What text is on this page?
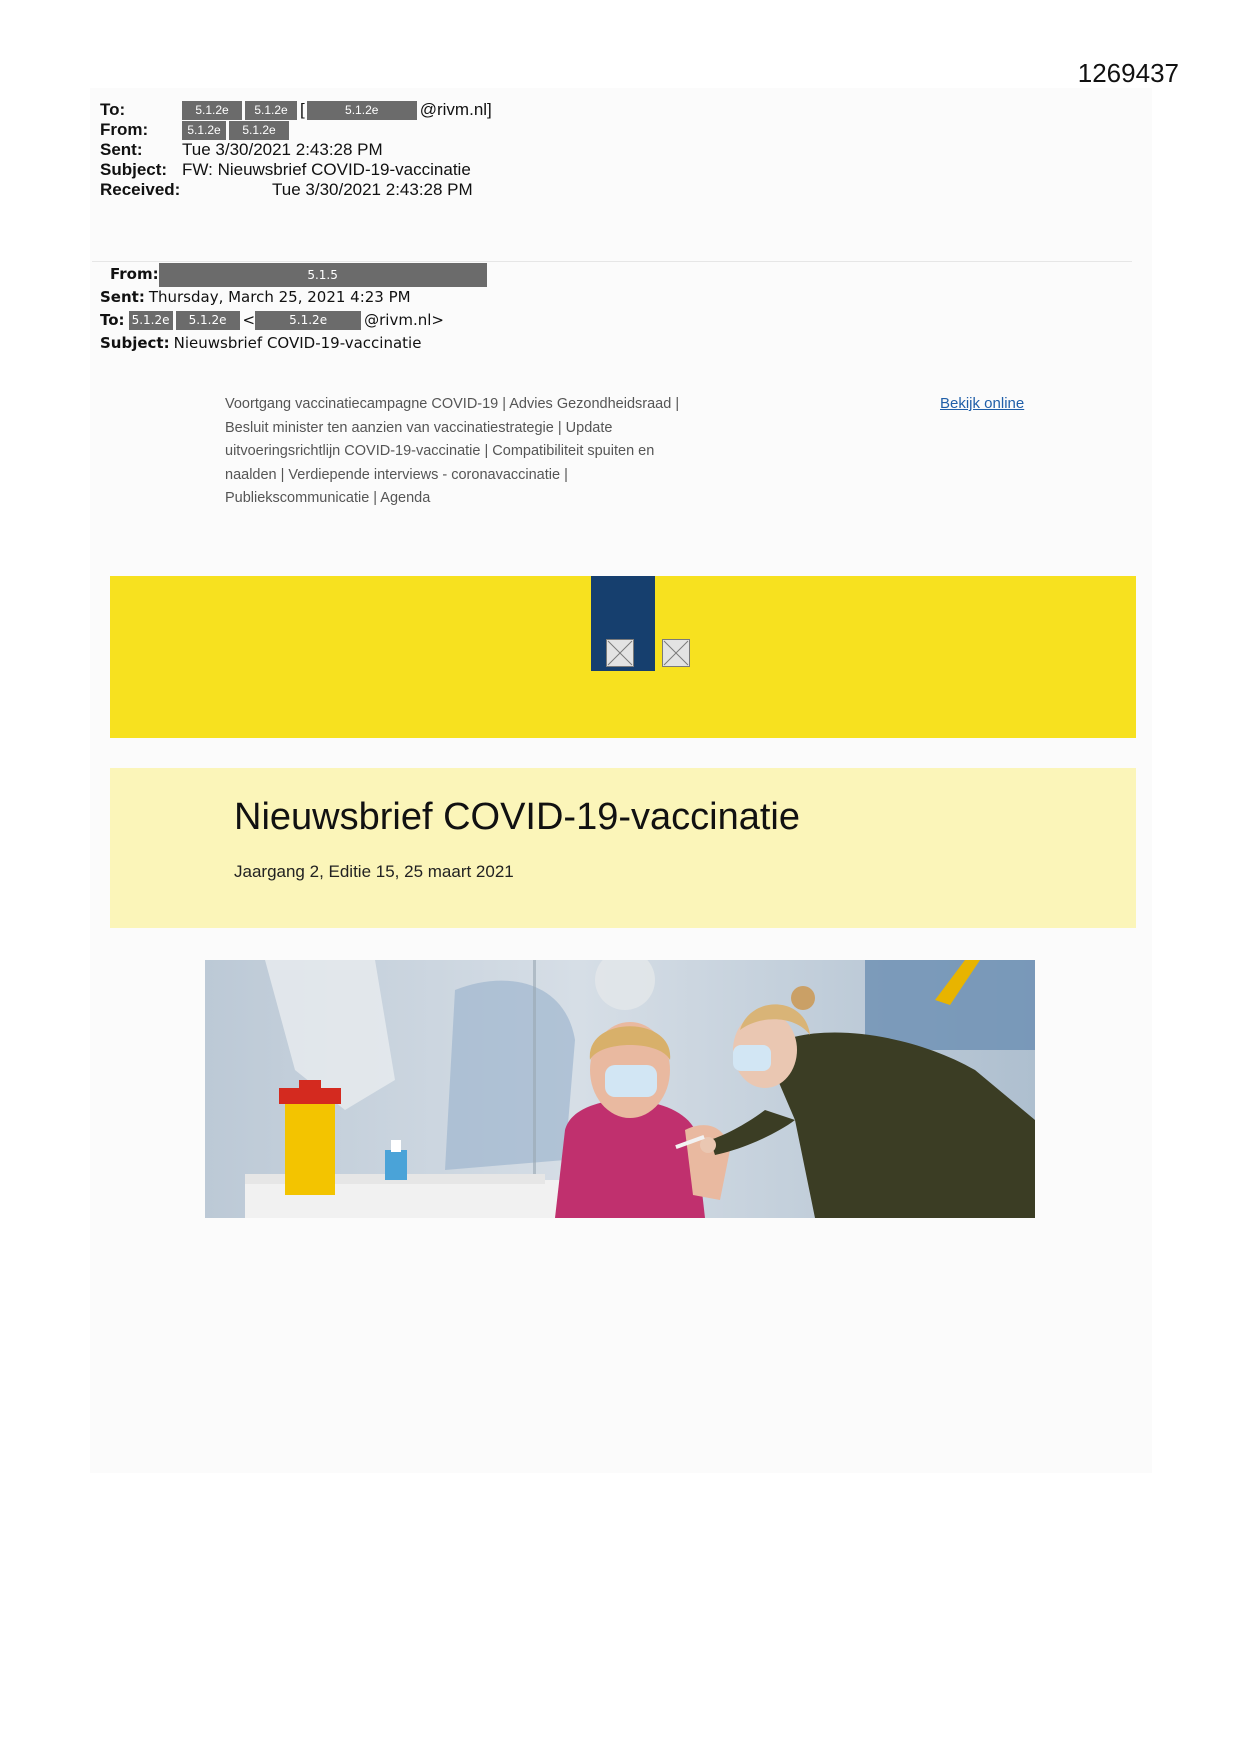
1269437
To:	5.1.2e	5.1.2e [	5.1.2e	@rivm.nl]
From:	5.1.2e	5.1.2e
Sent:	Tue 3/30/2021 2:43:28 PM
Subject: FW: Nieuwsbrief COVID-19-vaccinatie
Received:	Tue 3/30/2021 2:43:28 PM
From:	5.1.5
Sent: Thursday, March 25, 2021 4:23 PM
To: 5.1.2e	5.1.2e	<	5.1.2e	@rivm.nl>
Subject: Nieuwsbrief COVID-19-vaccinatie
Voortgang vaccinatiecampagne COVID-19 | Advies Gezondheidsraad |
Besluit minister ten aanzien van vaccinatiestrategie | Update
uitvoeringsrichtlijn COVID-19-vaccinatie | Compatibiliteit spuiten en
naalden | Verdiepende interviews - coronavaccinatie |
Publiekscommunicatie | Agenda
Bekijk online
Nieuwsbrief COVID-19-vaccinatie
Jaargang 2, Editie 15, 25 maart 2021
